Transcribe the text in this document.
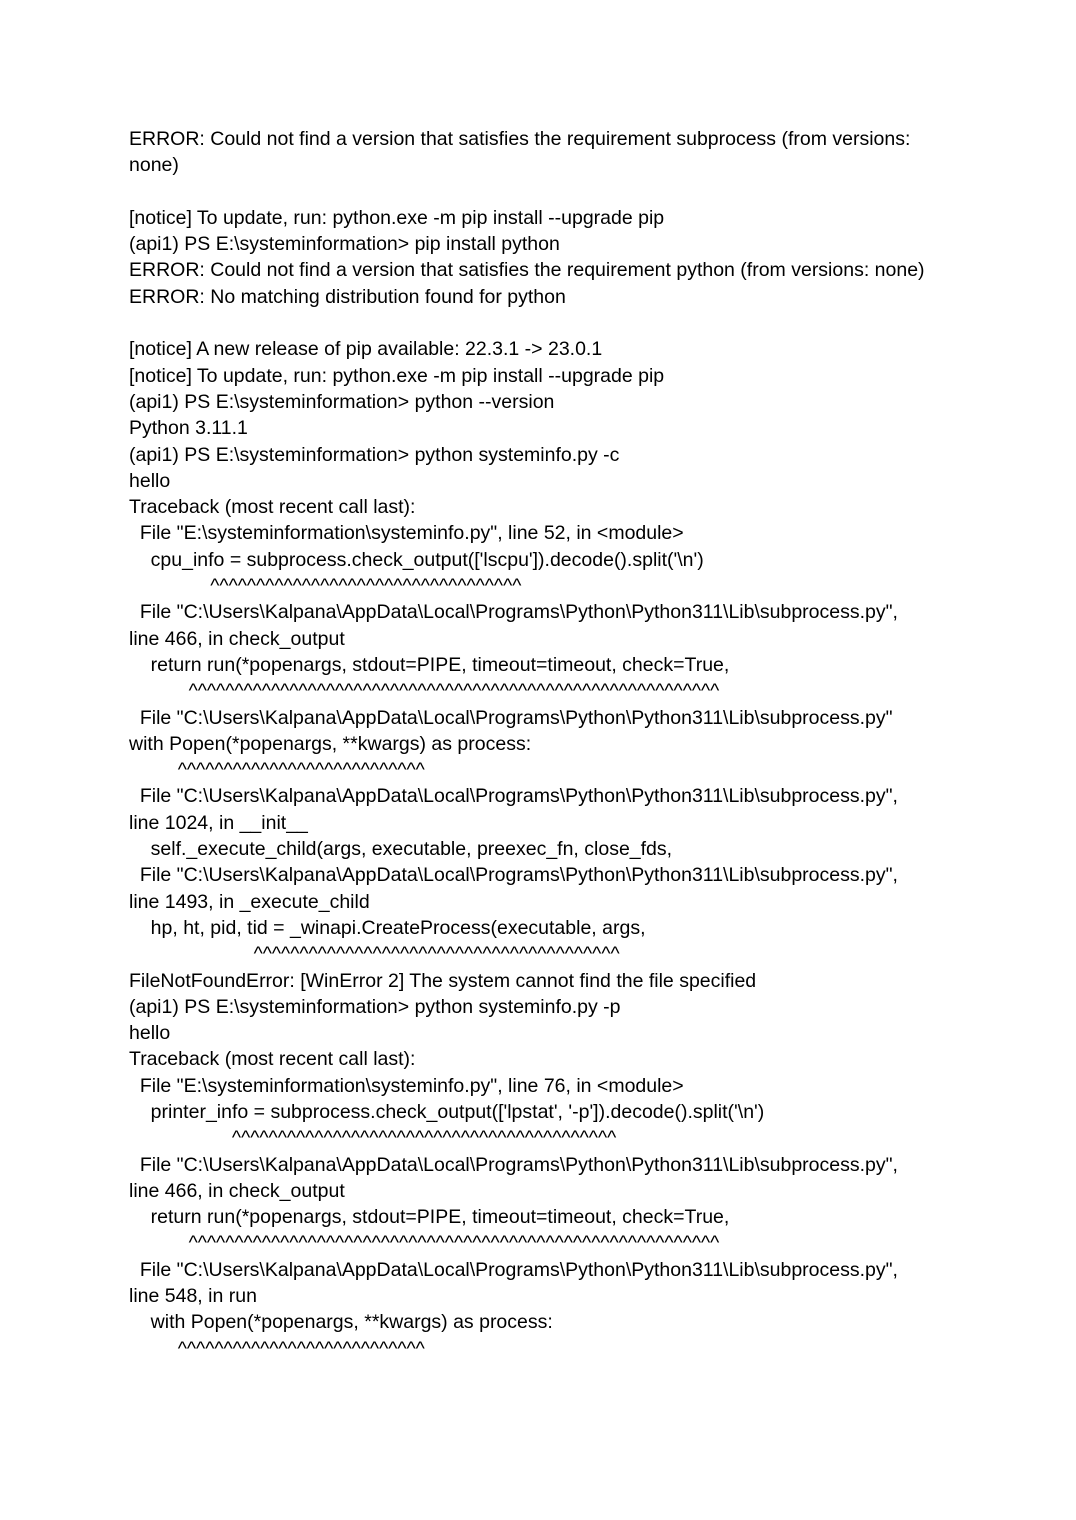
ERROR: Could not find a version that satisfies the requirement subprocess (from versions:
none)
[notice] To update, run: python.exe -m pip install --upgrade pip
(api1) PS E:\systeminformation> pip install python
ERROR: Could not find a version that satisfies the requirement python (from versions: none)
ERROR: No matching distribution found for python
[notice] A new release of pip available: 22.3.1 -> 23.0.1
[notice] To update, run: python.exe -m pip install --upgrade pip
(api1) PS E:\systeminformation> python --version
Python 3.11.1
(api1) PS E:\systeminformation> python systeminfo.py -c
hello
Traceback (most recent call last):
File "E:\systeminformation\systeminfo.py", line 52, in <module>
cpu_info = subprocess.check_output(['lscpu']).decode().split('\n')
^^^^^^^^^^^^^^^^^^^^^^^^^^^^^^^^^^
File "C:\Users\Kalpana\AppData\Local\Programs\Python\Python311\Lib\subprocess.py",
line 466, in check_output
return run(*popenargs, stdout=PIPE, timeout=timeout, check=True,
^^^^^^^^^^^^^^^^^^^^^^^^^^^^^^^^^^^^^^^^^^^^^^^^^^^^^^^^^^
File "C:\Users\Kalpana\AppData\Local\Programs\Python\Python311\Lib\subprocess.py"
with Popen(*popenargs, **kwargs) as process:
^^^^^^^^^^^^^^^^^^^^^^^^^^^
File "C:\Users\Kalpana\AppData\Local\Programs\Python\Python311\Lib\subprocess.py",
line 1024, in __init__
self._execute_child(args, executable, preexec_fn, close_fds,
File "C:\Users\Kalpana\AppData\Local\Programs\Python\Python311\Lib\subprocess.py",
line 1493, in _execute_child
hp, ht, pid, tid = _winapi.CreateProcess(executable, args,
^^^^^^^^^^^^^^^^^^^^^^^^^^^^^^^^^^^^^^^^
FileNotFoundError: [WinError 2] The system cannot find the file specified
(api1) PS E:\systeminformation> python systeminfo.py -p
hello
Traceback (most recent call last):
File "E:\systeminformation\systeminfo.py", line 76, in <module>
printer_info = subprocess.check_output(['lpstat', '-p']).decode().split('\n')
^^^^^^^^^^^^^^^^^^^^^^^^^^^^^^^^^^^^^^^^^^
File "C:\Users\Kalpana\AppData\Local\Programs\Python\Python311\Lib\subprocess.py",
line 466, in check_output
return run(*popenargs, stdout=PIPE, timeout=timeout, check=True,
^^^^^^^^^^^^^^^^^^^^^^^^^^^^^^^^^^^^^^^^^^^^^^^^^^^^^^^^^^
File "C:\Users\Kalpana\AppData\Local\Programs\Python\Python311\Lib\subprocess.py",
line 548, in run
with Popen(*popenargs, **kwargs) as process:
^^^^^^^^^^^^^^^^^^^^^^^^^^^
